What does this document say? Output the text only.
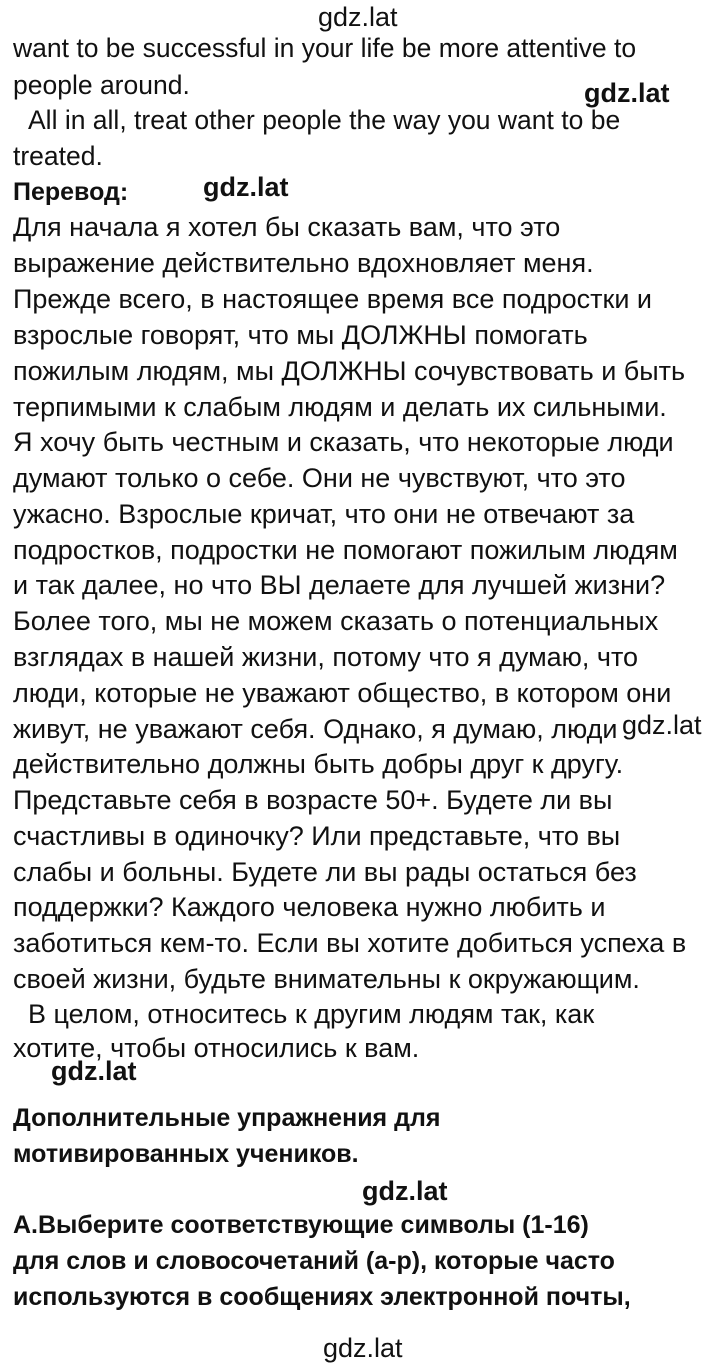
gdz.lat
gdz.lat
gdz.lat
gdz.lat
gdz.lat
gdz.lat
gdz.lat
want to be successful in your life be more attentive to
people around.
All in all, treat other people the way you want to be
treated.
Перевод:
Для начала я хотел бы сказать вам, что это
выражение действительно вдохновляет меня.
Прежде всего, в настоящее время все подростки и
взрослые говорят, что мы ДОЛЖНЫ помогать
пожилым людям, мы ДОЛЖНЫ сочувствовать и быть
терпимыми к слабым людям и делать их сильными.
Я хочу быть честным и сказать, что некоторые люди
думают только о себе. Они не чувствуют, что это
ужасно. Взрослые кричат, что они не отвечают за
подростков, подростки не помогают пожилым людям
и так далее, но что ВЫ делаете для лучшей жизни?
Более того, мы не можем сказать о потенциальных
взглядах в нашей жизни, потому что я думаю, что
люди, которые не уважают общество, в котором они
живут, не уважают себя. Однако, я думаю, люди
действительно должны быть добры друг к другу.
Представьте себя в возрасте 50+. Будете ли вы
счастливы в одиночку? Или представьте, что вы
слабы и больны. Будете ли вы рады остаться без
поддержки? Каждого человека нужно любить и
заботиться кем-то. Если вы хотите добиться успеха в
своей жизни, будьте внимательны к окружающим.
В целом, относитесь к другим людям так, как
хотите, чтобы относились к вам.
Дополнительные упражнения для
мотивированных учеников.
А.Выберите соответствующие символы (1-16)
для слов и словосочетаний (a-p), которые часто
используются в сообщениях электронной почты,
